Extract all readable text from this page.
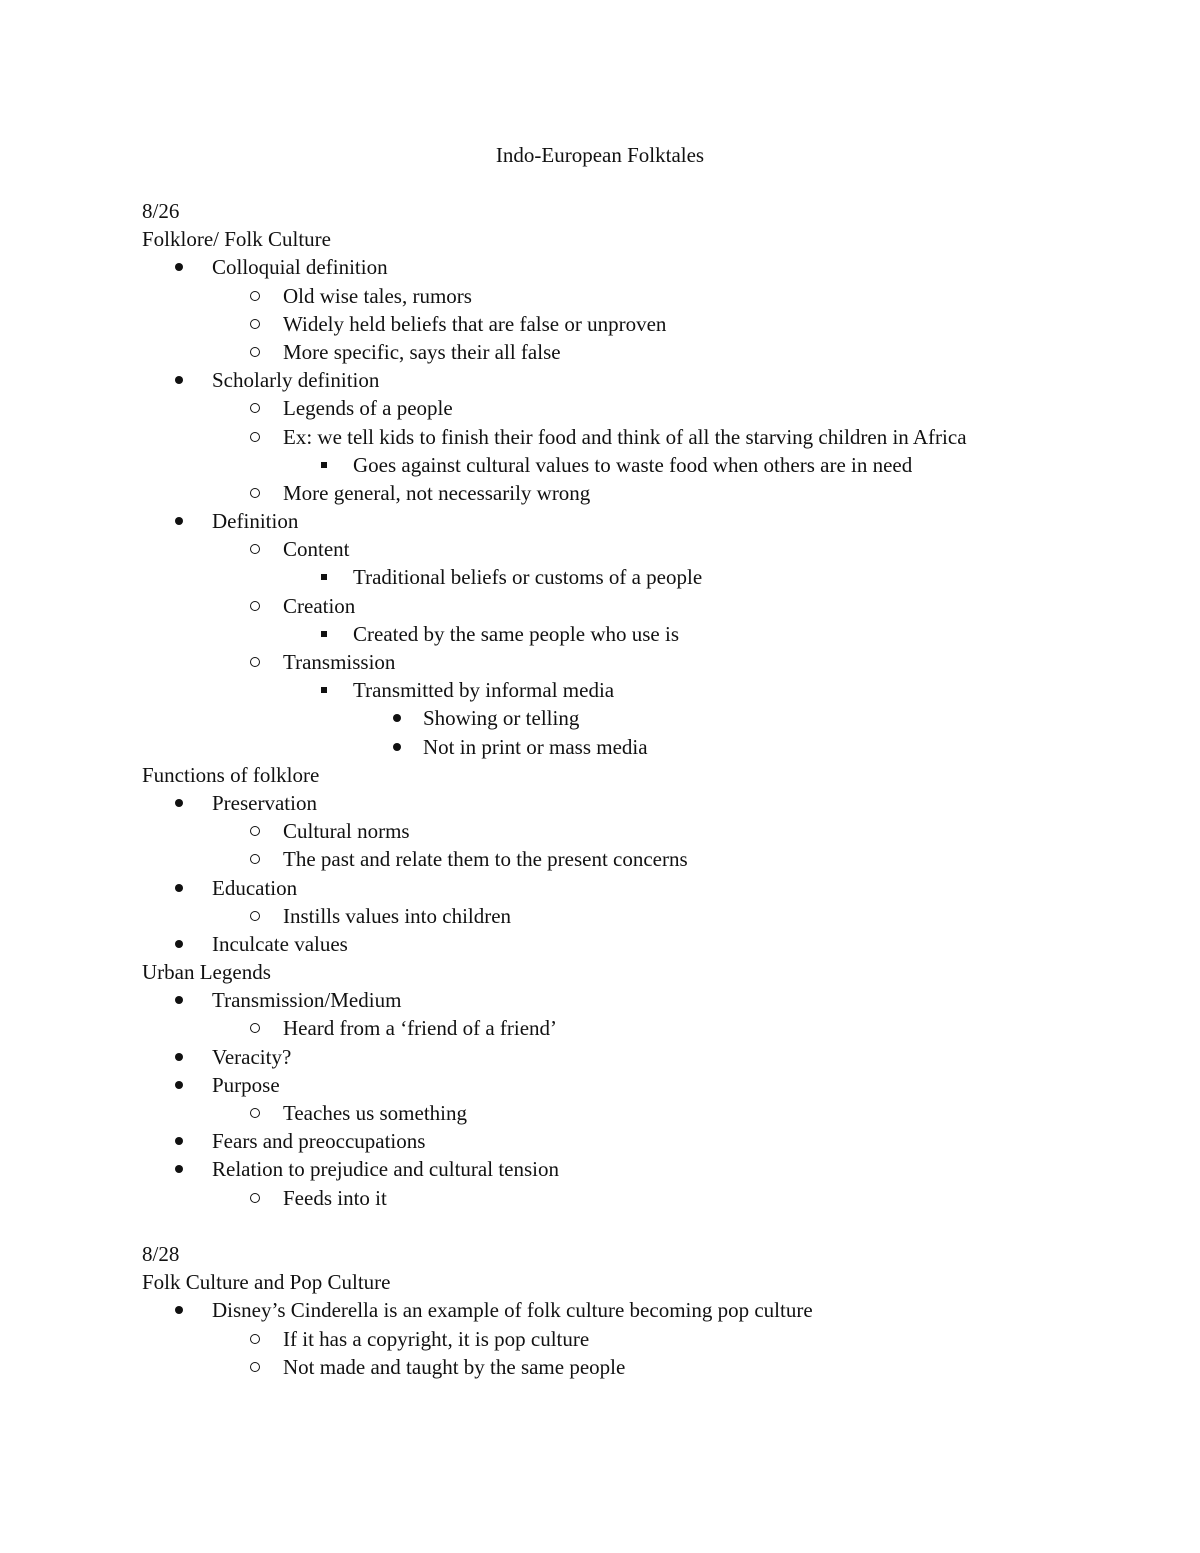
Indo-European Folktales
8/26
Folklore/ Folk Culture
Colloquial definition
Old wise tales, rumors
Widely held beliefs that are false or unproven
More specific, says their all false
Scholarly definition
Legends of a people
Ex: we tell kids to finish their food and think of all the starving children in Africa
Goes against cultural values to waste food when others are in need
More general, not necessarily wrong
Definition
Content
Traditional beliefs or customs of a people
Creation
Created by the same people who use is
Transmission
Transmitted by informal media
Showing or telling
Not in print or mass media
Functions of folklore
Preservation
Cultural norms
The past and relate them to the present concerns
Education
Instills values into children
Inculcate values
Urban Legends
Transmission/Medium
Heard from a ‘friend of a friend’
Veracity?
Purpose
Teaches us something
Fears and preoccupations
Relation to prejudice and cultural tension
Feeds into it
8/28
Folk Culture and Pop Culture
Disney’s Cinderella is an example of folk culture becoming pop culture
If it has a copyright, it is pop culture
Not made and taught by the same people
